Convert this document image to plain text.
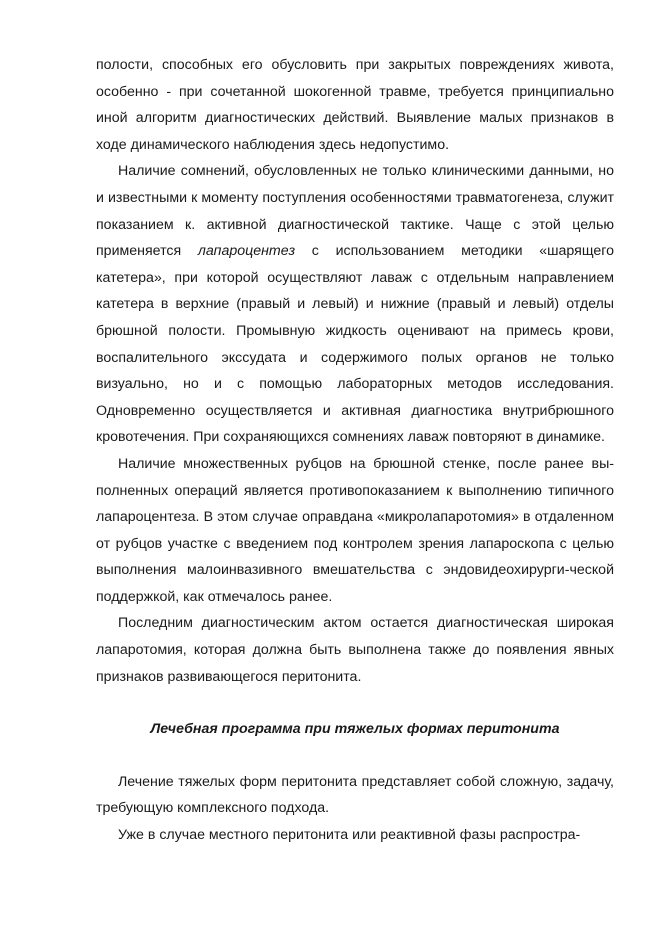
полости, способных его обусловить при закрытых повреждениях живота, особенно - при сочетанной шокогенной травме, требуется принципиально иной алгоритм диагностических действий. Выявление малых признаков в ходе динамического наблюдения здесь недопустимо.

Наличие сомнений, обусловленных не только клиническими данными, но и известными к моменту поступления особенностями травматогенеза, служит показанием к. активной диагностической тактике. Чаще с этой целью применяется лапароцентез с использованием методики «шарящего катетера», при которой осуществляют лаваж с отдельным направлением катетера в верхние (правый и левый) и нижние (правый и левый) отделы брюшной полости. Промывную жидкость оценивают на примесь крови, воспалительного экссудата и содержимого полых органов не только визуально, но и с помощью лабораторных методов исследования. Одновременно осуществляется и активная диагностика внутрибрюшного кровотечения. При сохраняющихся сомнениях лаваж повторяют в динамике.

Наличие множественных рубцов на брюшной стенке, после ранее вы-полненных операций является противопоказанием к выполнению типичного лапароцентеза. В этом случае оправдана «микролапаротомия» в отдаленном от рубцов участке с введением под контролем зрения лапароскопа с целью выполнения малоинвазивного вмешательства с эндовидеохирурги-ческой поддержкой, как отмечалось ранее.

Последним диагностическим актом остается диагностическая широкая лапаротомия, которая должна быть выполнена также до появления явных признаков развивающегося перитонита.

Лечебная программа при тяжелых формах перитонита

Лечение тяжелых форм перитонита представляет собой сложную, задачу, требующую комплексного подхода.

Уже в случае местного перитонита или реактивной фазы распростра-
